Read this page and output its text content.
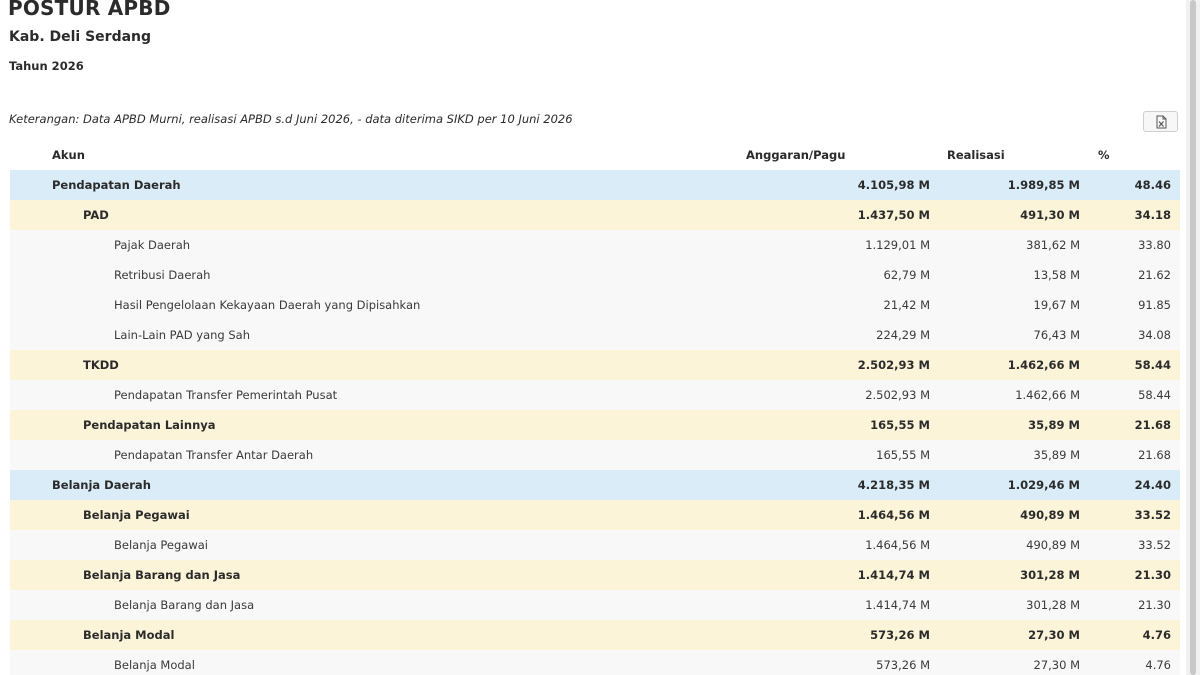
POSTUR APBD
Kab. Deli Serdang
Tahun 2026
Keterangan: Data APBD Murni, realisasi APBD s.d Juni 2026, - data diterima SIKD per 10 Juni 2026
Akun	Anggaran/Pagu	Realisasi	%
Pendapatan Daerah	4.105,98 M	1.989,85 M	48.46
PAD	1.437,50 M	491,30 M	34.18
Pajak Daerah	1.129,01 M	381,62 M	33.80
Retribusi Daerah	62,79 M	13,58 M	21.62
Hasil Pengelolaan Kekayaan Daerah yang Dipisahkan	21,42 M	19,67 M	91.85
Lain-Lain PAD yang Sah	224,29 M	76,43 M	34.08
TKDD	2.502,93 M	1.462,66 M	58.44
Pendapatan Transfer Pemerintah Pusat	2.502,93 M	1.462,66 M	58.44
Pendapatan Lainnya	165,55 M	35,89 M	21.68
Pendapatan Transfer Antar Daerah	165,55 M	35,89 M	21.68
Belanja Daerah	4.218,35 M	1.029,46 M	24.40
Belanja Pegawai	1.464,56 M	490,89 M	33.52
Belanja Pegawai	1.464,56 M	490,89 M	33.52
Belanja Barang dan Jasa	1.414,74 M	301,28 M	21.30
Belanja Barang dan Jasa	1.414,74 M	301,28 M	21.30
Belanja Modal	573,26 M	27,30 M	4.76
Belanja Modal	573,26 M	27,30 M	4.76
